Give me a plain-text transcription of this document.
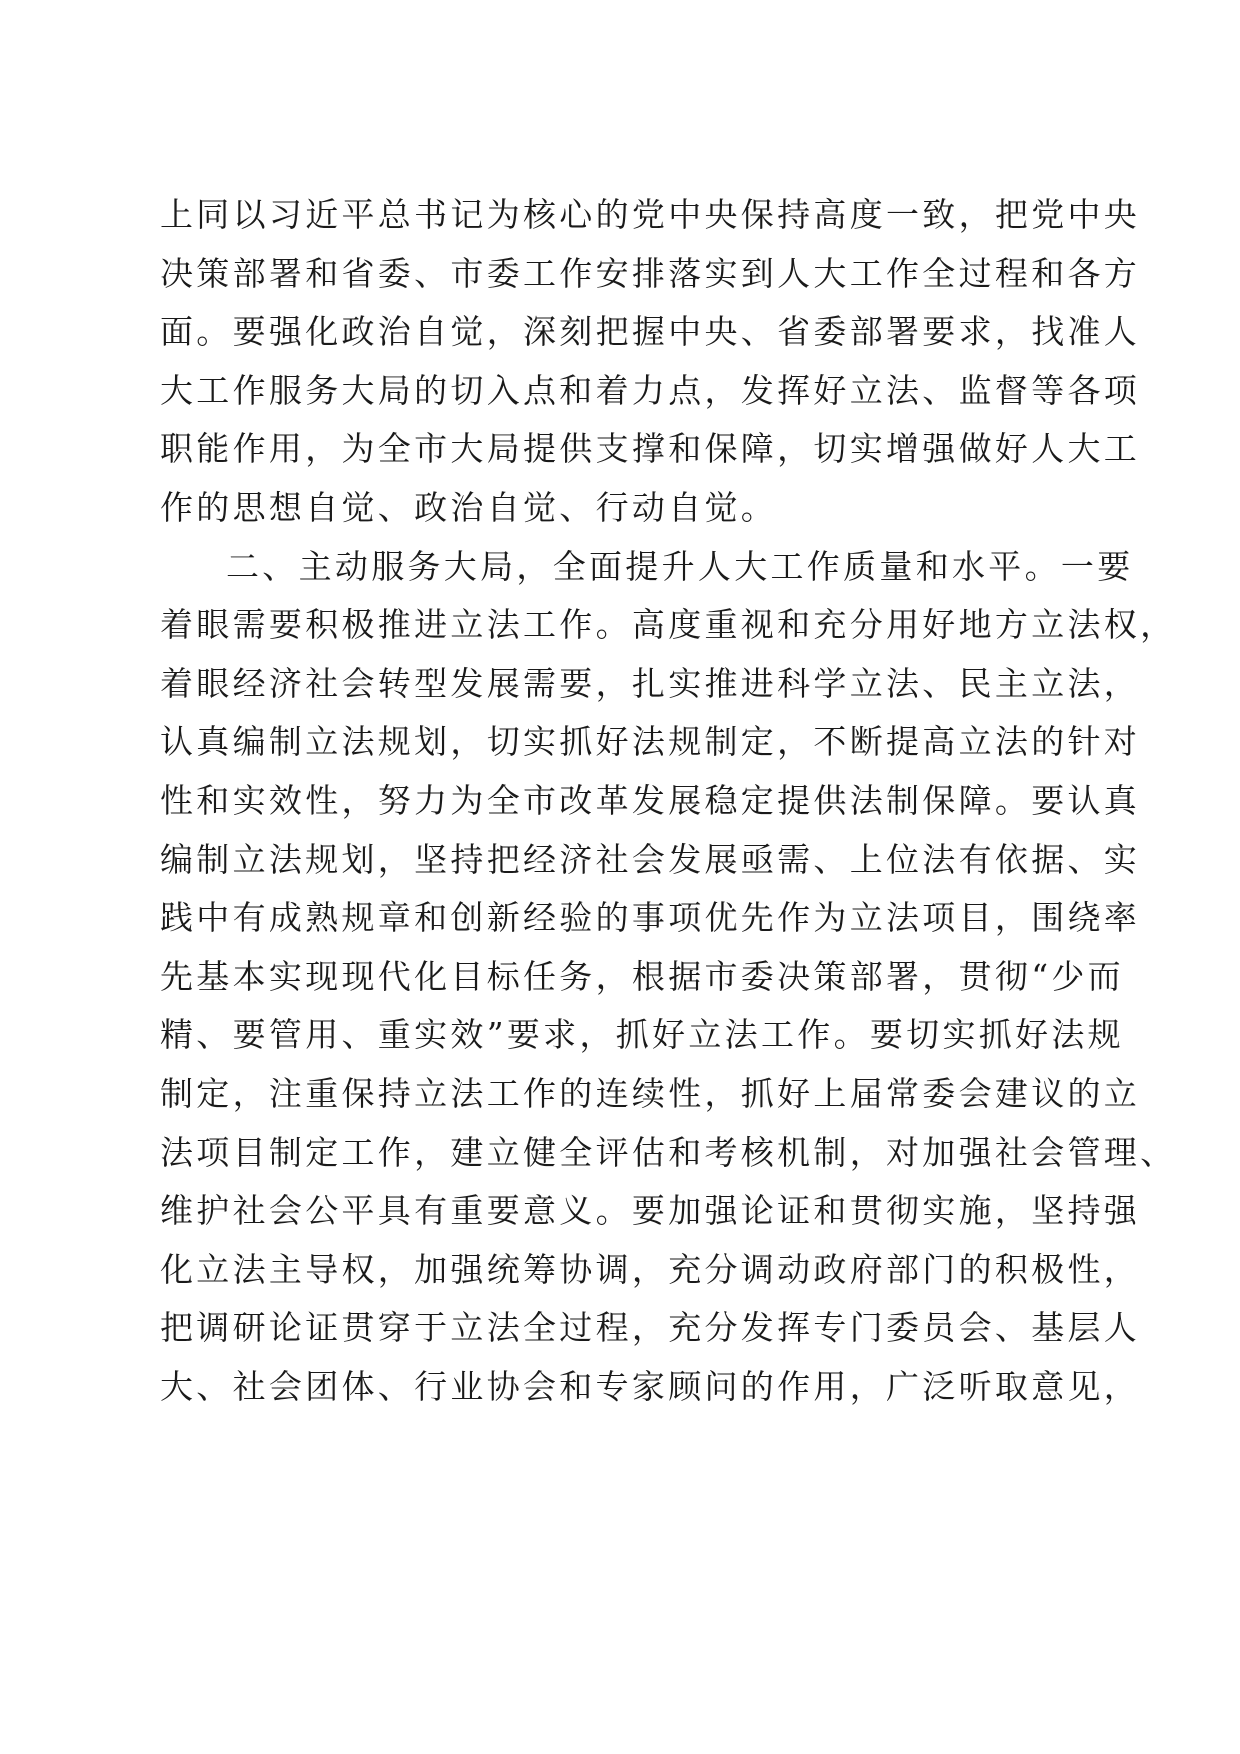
上同以习近平总书记为核心的党中央保持高度一致，把党中央
决策部署和省委、市委工作安排落实到人大工作全过程和各方
面。要强化政治自觉，深刻把握中央、省委部署要求，找准人
大工作服务大局的切入点和着力点，发挥好立法、监督等各项
职能作用，为全市大局提供支撑和保障，切实增强做好人大工
作的思想自觉、政治自觉、行动自觉。
二、主动服务大局，全面提升人大工作质量和水平。一要
着眼需要积极推进立法工作。高度重视和充分用好地方立法权，
着眼经济社会转型发展需要，扎实推进科学立法、民主立法，
认真编制立法规划，切实抓好法规制定，不断提高立法的针对
性和实效性，努力为全市改革发展稳定提供法制保障。要认真
编制立法规划，坚持把经济社会发展亟需、上位法有依据、实
践中有成熟规章和创新经验的事项优先作为立法项目，围绕率
先基本实现现代化目标任务，根据市委决策部署，贯彻“少而
精、要管用、重实效”要求，抓好立法工作。要切实抓好法规
制定，注重保持立法工作的连续性，抓好上届常委会建议的立
法项目制定工作，建立健全评估和考核机制，对加强社会管理、
维护社会公平具有重要意义。要加强论证和贯彻实施，坚持强
化立法主导权，加强统筹协调，充分调动政府部门的积极性，
把调研论证贯穿于立法全过程，充分发挥专门委员会、基层人
大、社会团体、行业协会和专家顾问的作用，广泛听取意见，
